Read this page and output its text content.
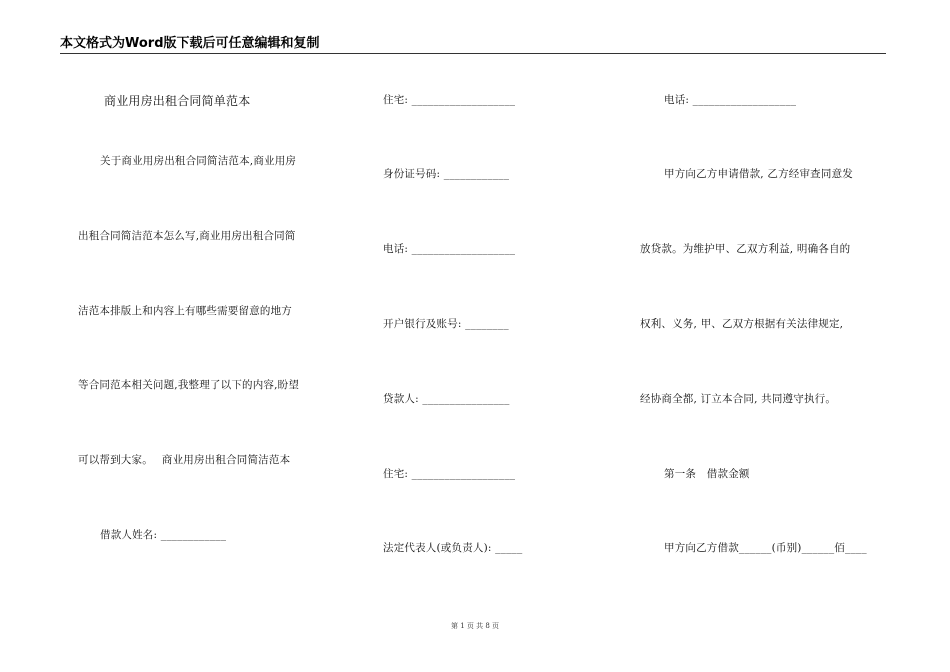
本文格式为Word版下载后可任意编辑和复制
商业用房出租合同简单范本
关于商业用房出租合同简洁范本,商业用房
出租合同简洁范本怎么写,商业用房出租合同简
洁范本排版上和内容上有哪些需要留意的地方
等合同范本相关问题,我整理了以下的内容,盼望
可以帮到大家。　 商业用房出租合同简洁范本
借款人姓名: ____________
住宅: ___________________
身份证号码: ____________
电话: ___________________
开户银行及账号: ________
贷款人: ________________
住宅: ___________________
法定代表人(或负责人): _____
电话: ___________________
甲方向乙方申请借款, 乙方经审查同意发
放贷款。为维护甲、乙双方利益, 明确各自的
权利、义务, 甲、乙双方根据有关法律规定,
经协商全都, 订立本合同, 共同遵守执行。
第一条　借款金额
甲方向乙方借款______(币别)______佰____
第 1 页 共 8 页
